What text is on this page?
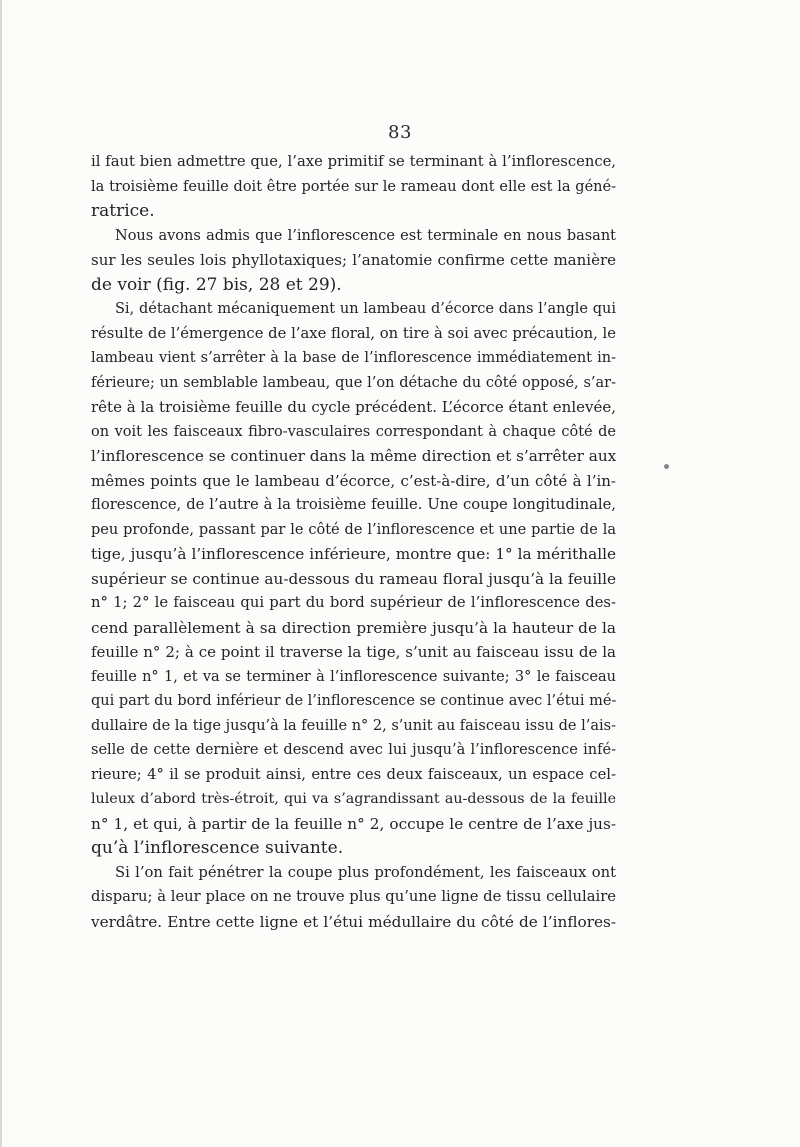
83
il faut bien admettre que, l’axe primitif se terminant à l’inflorescence,
la troisième feuille doit être portée sur le rameau dont elle est la géné-
ratrice.
Nous avons admis que l’inflorescence est terminale en nous basant
sur les seules lois phyllotaxiques; l’anatomie confirme cette manière
de voir (fig. 27 bis, 28 et 29).
Si, détachant mécaniquement un lambeau d’écorce dans l’angle qui
résulte de l’émergence de l’axe floral, on tire à soi avec précaution, le
lambeau vient s’arrêter à la base de l’inflorescence immédiatement in-
férieure; un semblable lambeau, que l’on détache du côté opposé, s’ar-
rête à la troisième feuille du cycle précédent. L’écorce étant enlevée,
on voit les faisceaux fibro-vasculaires correspondant à chaque côté de
l’inflorescence se continuer dans la même direction et s’arrêter aux
mêmes points que le lambeau d’écorce, c’est-à-dire, d’un côté à l’in-
florescence, de l’autre à la troisième feuille. Une coupe longitudinale,
peu profonde, passant par le côté de l’inflorescence et une partie de la
tige, jusqu’à l’inflorescence inférieure, montre que: 1° la mérithalle
supérieur se continue au-dessous du rameau floral jusqu’à la feuille
n° 1; 2° le faisceau qui part du bord supérieur de l’inflorescence des-
cend parallèlement à sa direction première jusqu’à la hauteur de la
feuille n° 2; à ce point il traverse la tige, s’unit au faisceau issu de la
feuille n° 1, et va se terminer à l’inflorescence suivante; 3° le faisceau
qui part du bord inférieur de l’inflorescence se continue avec l’étui mé-
dullaire de la tige jusqu’à la feuille n° 2, s’unit au faisceau issu de l’ais-
selle de cette dernière et descend avec lui jusqu’à l’inflorescence infé-
rieure; 4° il se produit ainsi, entre ces deux faisceaux, un espace cel-
luleux d’abord très-étroit, qui va s’agrandissant au-dessous de la feuille
n° 1, et qui, à partir de la feuille n° 2, occupe le centre de l’axe jus-
qu’à l’inflorescence suivante.
Si l’on fait pénétrer la coupe plus profondément, les faisceaux ont
disparu; à leur place on ne trouve plus qu’une ligne de tissu cellulaire
verdâtre. Entre cette ligne et l’étui médullaire du côté de l’inflores-
